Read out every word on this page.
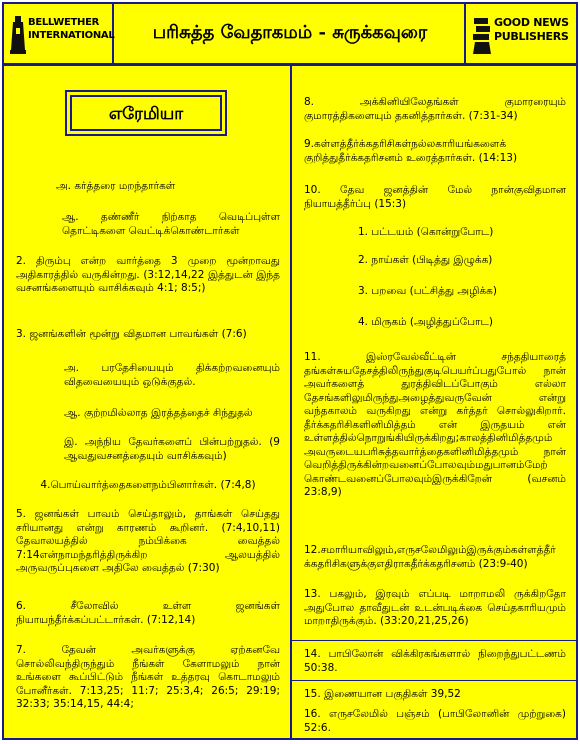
BELLWETHER
INTERNATIONAL	பரிசுத்த வேதாகமம் - சுருக்கவுரை	GOOD NEWS
PUBLISHERS
எரேமியா
அ. கர்த்தரை மறந்தார்கள்
ஆ. தண்ணீர் நிற்காத வெடிப்புள்ள தொட்டிகளை வெட்டிக்கொண்டார்கள்
2. திரும்பு என்ற வார்த்தை 3 முறை மூன்றாவது அதிகாரத்தில் வருகின்றது. (3:12,14,22 இத்துடன் இந்த வசனங்களையும் வாசிக்கவும் 4:1; 8:5;)
3. ஜனங்களின் மூன்று விதமான பாவங்கள் (7:6)
அ. பரதேசியையும் திக்கற்றவனையும் விதவையையும் ஒடுக்குதல்.
ஆ. குற்றமில்லாத இரத்தத்தைச் சிந்துதல்
இ. அந்நிய தேவர்களைப் பின்பற்றுதல். (9 ஆவதுவசனத்தையும் வாசிக்கவும்)
4.பொய்வார்த்தைகளைநம்பினார்கள். (7:4,8)
5. ஜனங்கள் பாவம் செய்தாலும், தாங்கள் செய்தது சரியானது என்று காரணம் கூறினர். (7:4,10,11) தேவாலயத்தில் நம்பிக்கை வைத்தல் 7:14என்நாமந்தரித்திருக்கிற ஆலயத்தில் அருவருப்புகளை அதிலே வைத்தல் (7:30)
6. சீலோவில் உள்ள ஜனங்கள் நியாயந்தீர்க்கப்பட்டார்கள். (7:12,14)
7. தேவன் அவர்களுக்கு ஏற்கனவே சொல்லிவந்திருந்தும் நீங்கள் கேளாமலும் நான் உங்களை கூப்பிட்டும் நீங்கள் உத்தரவு கொடாமலும் போனீர்கள். 7:13,25; 11:7; 25:3,4; 26:5; 29:19; 32:33; 35:14,15, 44:4;
8. அக்கினியிலேதங்கள் குமாரரையும் குமாரத்திகளையும் தகனித்தார்கள். (7:31-34)
9.கள்ளத்தீர்க்கதரிசிகள்நல்லகாரியங்களைக் குறித்துதீர்க்கதரிசனம் உரைத்தார்கள். (14:13)
10. தேவ ஜனத்தின் மேல் நான்குவிதமான நியாயத்தீர்ப்பு (15:3)
1. பட்டயம் (கொன்றுபோட)
2. நாய்கள் (பிடித்து இழுக்க)
3. பறவை (பட்சித்து அழிக்க)
4. மிருகம் (அழித்துப்போட)
11. இஸ்ரவேல்வீட்டின் சந்ததியாரைத் தங்கள்சுயதேசத்திலிருந்துகுடிபெயர்ப்பதுபோல் நான் அவர்களைத் துரத்திவிடப்போகும் எல்லா தேசங்களிலுமிருந்துஅழைத்துவருவேன் என்று வந்தகாலம் வருகிறது என்று கர்த்தர் சொல்லுகிறார். தீர்க்கதரிசிகளினிமித்தம் என் இருதயம் என் உள்ளத்தில்நொறுங்கியிருக்கிறது;காலத்தினிமித்தமும் அவருடையபரிசுத்தவார்த்தைகளினிமித்தமும் நான் வெறித்திருக்கின்றவனைப்போலவும்மதுபானம்மேற் கொண்டவனைப்போலவும்இருக்கிறேன் (வசனம் 23:8,9)
12.சமாரியாவிலும்,எருசலேமிலும்இருக்கும்கள்ளத்தீர் க்கதரிசிகளுக்குஎதிராகதீர்க்கதரிசனம் (23:9-40)
13. பகலும், இரவும் எப்படி மாறாமலி ருக்கிறதோ அதுபோல தாவீதுடன் உடன்படிக்கை செய்தகாரியமும் மாறாதிருக்கும். (33:20,21,25,26)
14. பாபிலோன் விக்கிரகங்களால் நிறைந்துபட்டணம் 50:38.
15. இணையான பகுதிகள் 39,52
16. எருசலேமில் பஞ்சம் (பாபிலோனின் முற்றுகை) 52:6.
